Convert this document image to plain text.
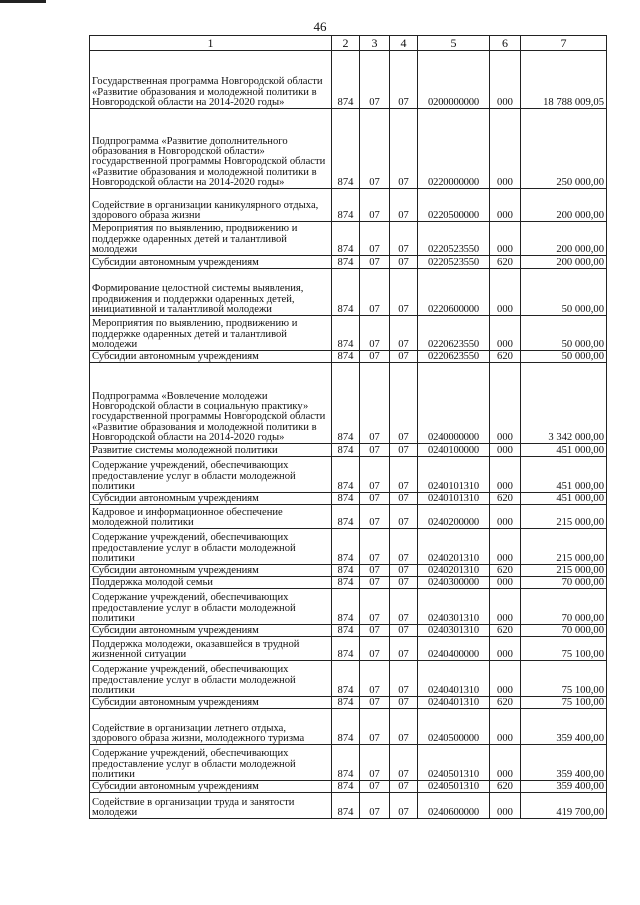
46
1	2	3	4	5	6	7
Государственная программа Новгородской области «Развитие образования и молодежной политики в Новгородской области на 2014-2020 годы»	874	07	07	0200000000	000	18 788 009,05
Подпрограмма «Развитие дополнительного образования в Новгородской области» государственной программы Новгородской области «Развитие образования и молодежной политики в Новгородской области на 2014-2020 годы»	874	07	07	0220000000	000	250 000,00
Содействие в организации каникулярного отдыха, здорового образа жизни	874	07	07	0220500000	000	200 000,00
Мероприятия по выявлению, продвижению и поддержке одаренных детей и талантливой молодежи	874	07	07	0220523550	000	200 000,00
Субсидии автономным учреждениям	874	07	07	0220523550	620	200 000,00
Формирование целостной системы выявления, продвижения и поддержки одаренных детей, инициативной и талантливой молодежи	874	07	07	0220600000	000	50 000,00
Мероприятия по выявлению, продвижению и поддержке одаренных детей и талантливой молодежи	874	07	07	0220623550	000	50 000,00
Субсидии автономным учреждениям	874	07	07	0220623550	620	50 000,00
Подпрограмма «Вовлечение молодежи Новгородской области в социальную практику» государственной программы Новгородской области «Развитие образования и молодежной политики в Новгородской области на 2014-2020 годы»	874	07	07	0240000000	000	3 342 000,00
Развитие системы молодежной политики	874	07	07	0240100000	000	451 000,00
Содержание учреждений, обеспечивающих предоставление услуг в области молодежной политики	874	07	07	0240101310	000	451 000,00
Субсидии автономным учреждениям	874	07	07	0240101310	620	451 000,00
Кадровое и информационное обеспечение молодежной политики	874	07	07	0240200000	000	215 000,00
Содержание учреждений, обеспечивающих предоставление услуг в области молодежной политики	874	07	07	0240201310	000	215 000,00
Субсидии автономным учреждениям	874	07	07	0240201310	620	215 000,00
Поддержка молодой семьи	874	07	07	0240300000	000	70 000,00
Содержание учреждений, обеспечивающих предоставление услуг в области молодежной политики	874	07	07	0240301310	000	70 000,00
Субсидии автономным учреждениям	874	07	07	0240301310	620	70 000,00
Поддержка молодежи, оказавшейся в трудной жизненной ситуации	874	07	07	0240400000	000	75 100,00
Содержание учреждений, обеспечивающих предоставление услуг в области молодежной политики	874	07	07	0240401310	000	75 100,00
Субсидии автономным учреждениям	874	07	07	0240401310	620	75 100,00
Содействие в организации летнего отдыха, здорового образа жизни, молодежного туризма	874	07	07	0240500000	000	359 400,00
Содержание учреждений, обеспечивающих предоставление услуг в области молодежной политики	874	07	07	0240501310	000	359 400,00
Субсидии автономным учреждениям	874	07	07	0240501310	620	359 400,00
Содействие в организации труда и занятости молодежи	874	07	07	0240600000	000	419 700,00
